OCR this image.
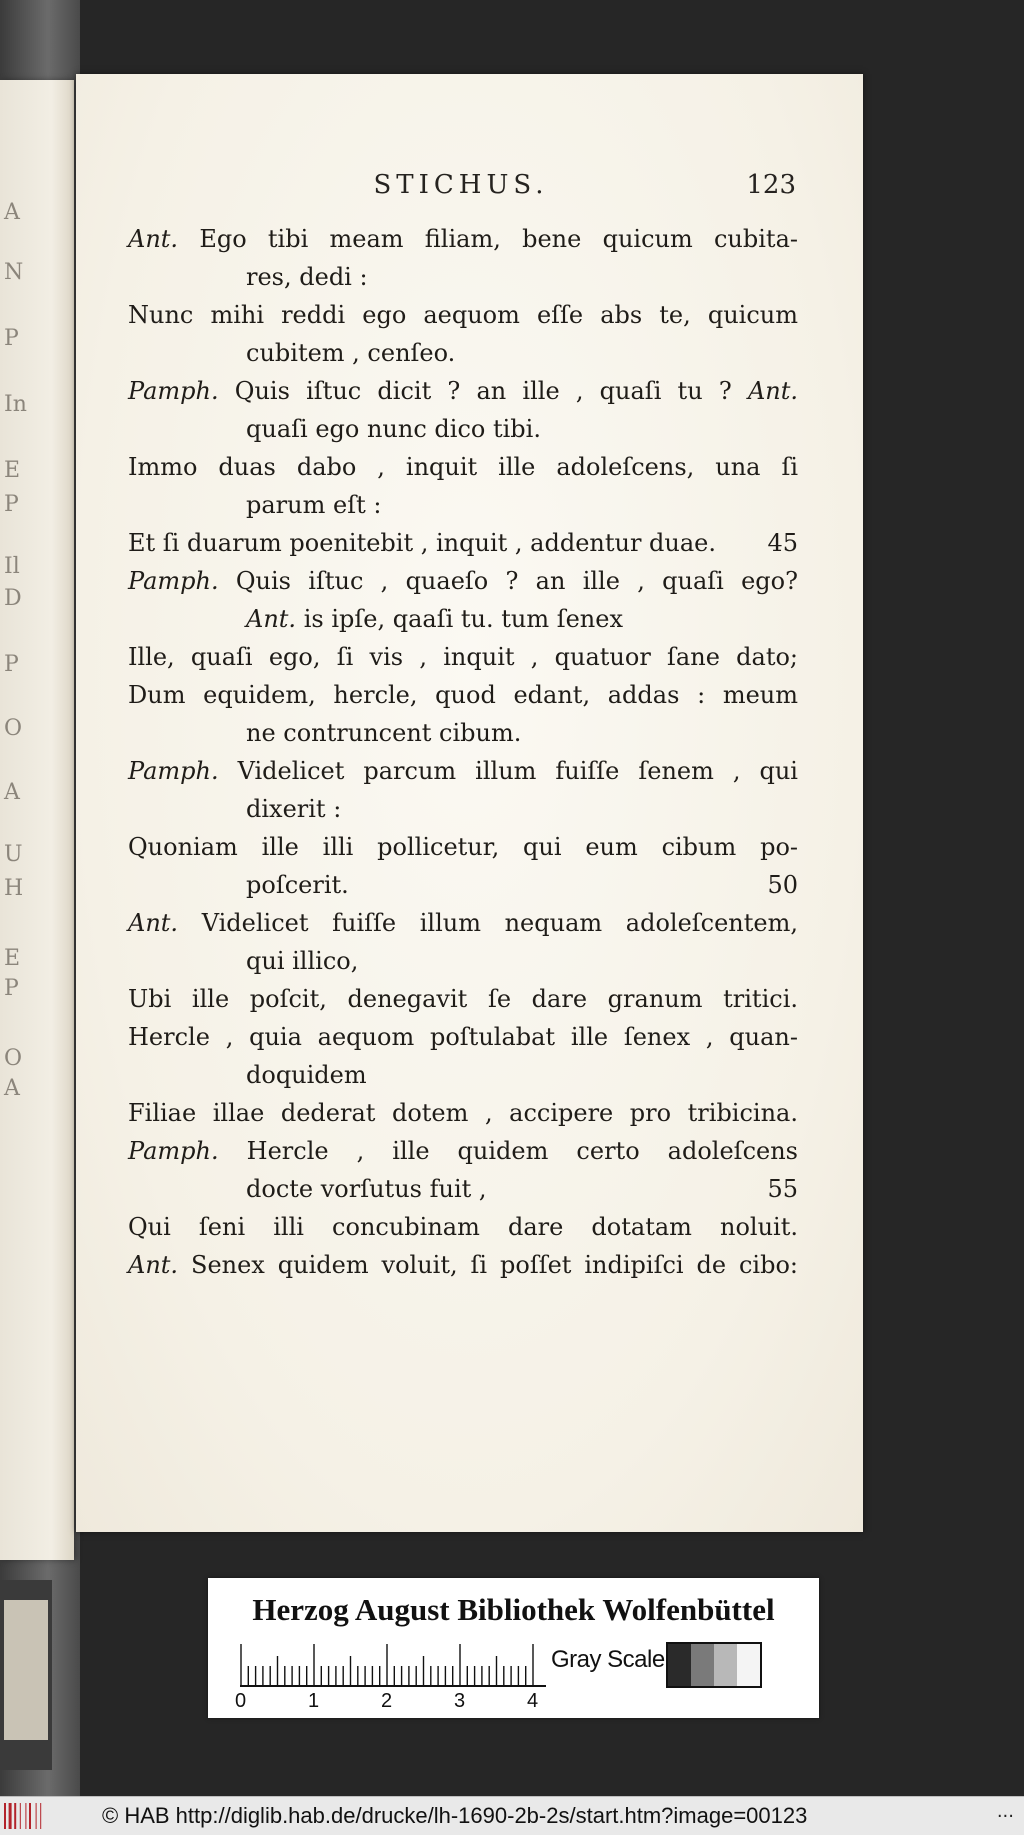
A
N
P
In
E
P
Il
D
P
O
A
U
H
E
P
O
A
STICHUS.	123
Ant. Ego tibi meam filiam, bene quicum cubita-
res, dedi :
Nunc mihi reddi ego aequom eſſe abs te, quicum
cubitem , cenſeo.
Pamph. Quis iſtuc dicit ? an ille , quaſi tu ? Ant.
quaſi ego nunc dico tibi.
Immo duas dabo , inquit ille adoleſcens, una ſi
parum eſt :
Et ſi duarum poenitebit , inquit , addentur duae. 45
Pamph. Quis iſtuc , quaeſo ? an ille , quaſi ego?
Ant. is ipſe, qaaſi tu. tum ſenex
Ille, quaſi ego, ſi vis , inquit , quatuor ſane dato;
Dum equidem, hercle, quod edant, addas : meum
ne contruncent cibum.
Pamph. Videlicet parcum illum fuiſſe ſenem , qui
dixerit :
Quoniam ille illi pollicetur, qui eum cibum po-
poſcerit.	50
Ant. Videlicet fuiſſe illum nequam adoleſcentem,
qui illico,
Ubi ille poſcit, denegavit ſe dare granum tritici.
Hercle , quia aequom poſtulabat ille ſenex , quan-
doquidem
Filiae illae dederat dotem , accipere pro tribicina.
Pamph. Hercle , ille quidem certo adoleſcens
docte vorſutus fuit ,	55
Qui ſeni illi concubinam dare dotatam noluit.
Ant. Senex quidem voluit, ſi poſſet indipiſci de cibo:
Herzog August Bibliothek Wolfenbüttel
0	1	2	3	4
Gray Scale
© HAB http://diglib.hab.de/drucke/lh-1690-2b-2s/start.htm?image=00123	...
